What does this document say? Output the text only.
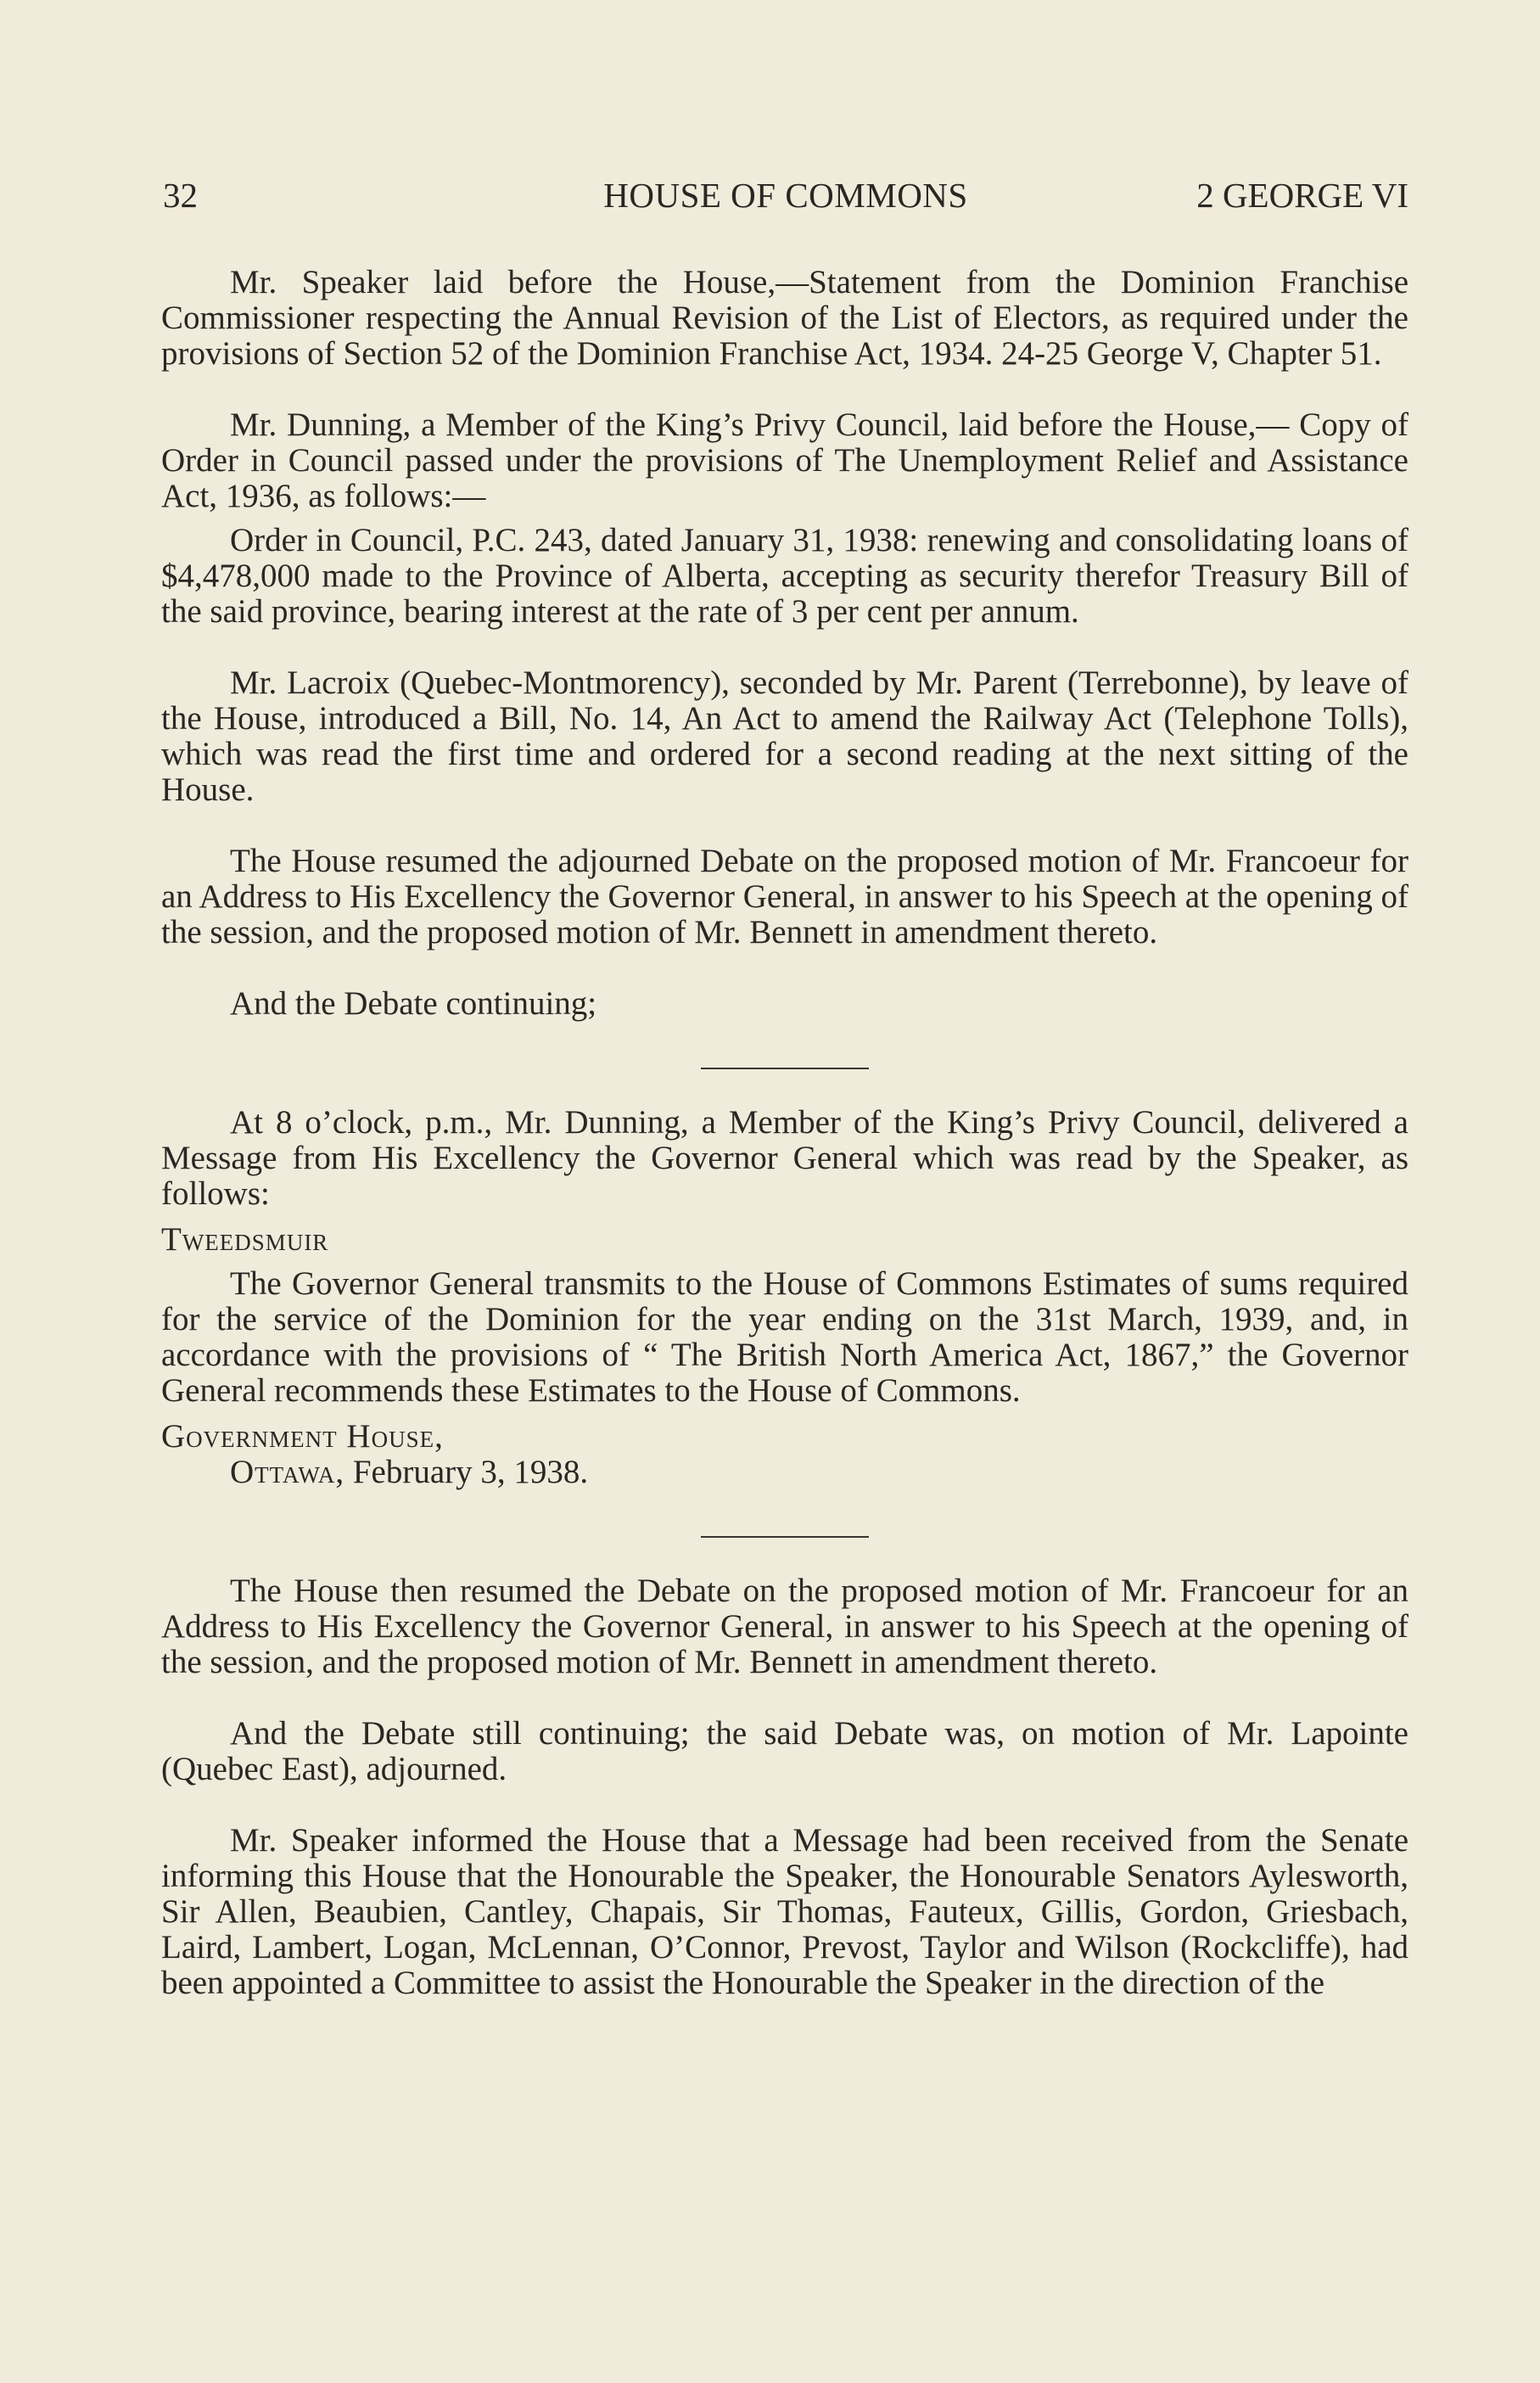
32	HOUSE OF COMMONS	2 GEORGE VI

Mr. Speaker laid before the House,—Statement from the Dominion Franchise Commissioner respecting the Annual Revision of the List of Electors, as required under the provisions of Section 52 of the Dominion Franchise Act, 1934. 24-25 George V, Chapter 51.

Mr. Dunning, a Member of the King’s Privy Council, laid before the House,— Copy of Order in Council passed under the provisions of The Unemployment Relief and Assistance Act, 1936, as follows:—

Order in Council, P.C. 243, dated January 31, 1938: renewing and consolidating loans of $4,478,000 made to the Province of Alberta, accepting as security therefor Treasury Bill of the said province, bearing interest at the rate of 3 per cent per annum.

Mr. Lacroix (Quebec-Montmorency), seconded by Mr. Parent (Terrebonne), by leave of the House, introduced a Bill, No. 14, An Act to amend the Railway Act (Telephone Tolls), which was read the first time and ordered for a second reading at the next sitting of the House.

The House resumed the adjourned Debate on the proposed motion of Mr. Francoeur for an Address to His Excellency the Governor General, in answer to his Speech at the opening of the session, and the proposed motion of Mr. Bennett in amendment thereto.

And the Debate continuing;

At 8 o’clock, p.m., Mr. Dunning, a Member of the King’s Privy Council, delivered a Message from His Excellency the Governor General which was read by the Speaker, as follows:

Tweedsmuir

The Governor General transmits to the House of Commons Estimates of sums required for the service of the Dominion for the year ending on the 31st March, 1939, and, in accordance with the provisions of “ The British North America Act, 1867,” the Governor General recommends these Estimates to the House of Commons.

Government House,

Ottawa, February 3, 1938.

The House then resumed the Debate on the proposed motion of Mr. Francoeur for an Address to His Excellency the Governor General, in answer to his Speech at the opening of the session, and the proposed motion of Mr. Bennett in amendment thereto.

And the Debate still continuing; the said Debate was, on motion of Mr. Lapointe (Quebec East), adjourned.

Mr. Speaker informed the House that a Message had been received from the Senate informing this House that the Honourable the Speaker, the Honourable Senators Aylesworth, Sir Allen, Beaubien, Cantley, Chapais, Sir Thomas, Fauteux, Gillis, Gordon, Griesbach, Laird, Lambert, Logan, McLennan, O’Connor, Prevost, Taylor and Wilson (Rockcliffe), had been appointed a Committee to assist the Honourable the Speaker in the direction of the
